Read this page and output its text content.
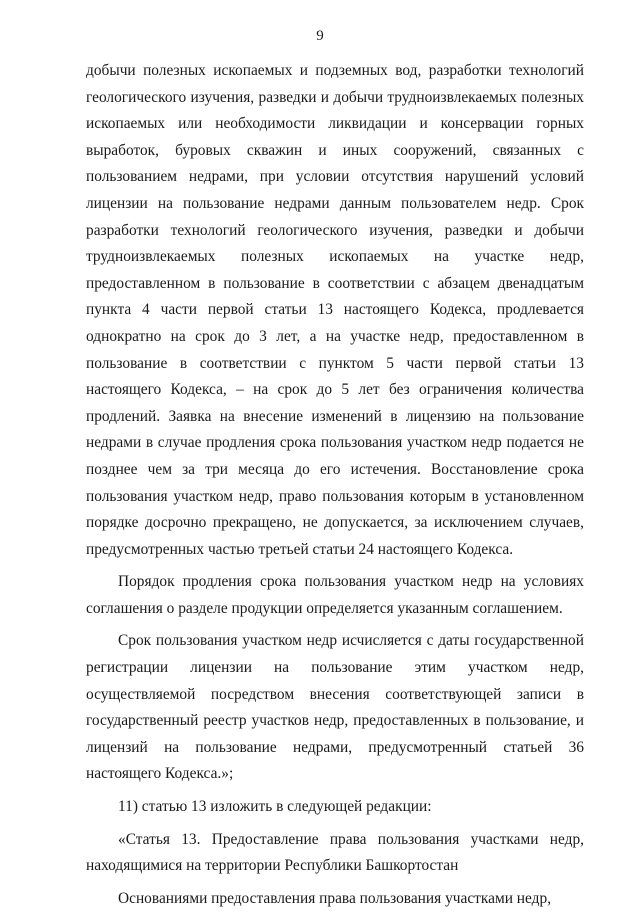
9

добычи полезных ископаемых и подземных вод, разработки технологий геологического изучения, разведки и добычи трудноизвлекаемых полезных ископаемых или необходимости ликвидации и консервации горных выработок, буровых скважин и иных сооружений, связанных с пользованием недрами, при условии отсутствия нарушений условий лицензии на пользование недрами данным пользователем недр. Срок разработки технологий геологического изучения, разведки и добычи трудноизвлекаемых полезных ископаемых на участке недр, предоставленном в пользование в соответствии с абзацем двенадцатым пункта 4 части первой статьи 13 настоящего Кодекса, продлевается однократно на срок до 3 лет, а на участке недр, предоставленном в пользование в соответствии с пунктом 5 части первой статьи 13 настоящего Кодекса, – на срок до 5 лет без ограничения количества продлений. Заявка на внесение изменений в лицензию на пользование недрами в случае продления срока пользования участком недр подается не позднее чем за три месяца до его истечения. Восстановление срока пользования участком недр, право пользования которым в установленном порядке досрочно прекращено, не допускается, за исключением случаев, предусмотренных частью третьей статьи 24 настоящего Кодекса.

Порядок продления срока пользования участком недр на условиях соглашения о разделе продукции определяется указанным соглашением.

Срок пользования участком недр исчисляется с даты государственной регистрации лицензии на пользование этим участком недр, осуществляемой посредством внесения соответствующей записи в государственный реестр участков недр, предоставленных в пользование, и лицензий на пользование недрами, предусмотренный статьей 36 настоящего Кодекса.»;

11) статью 13 изложить в следующей редакции:

«Статья 13. Предоставление права пользования участками недр, находящимися на территории Республики Башкортостан

Основаниями предоставления права пользования участками недр,
